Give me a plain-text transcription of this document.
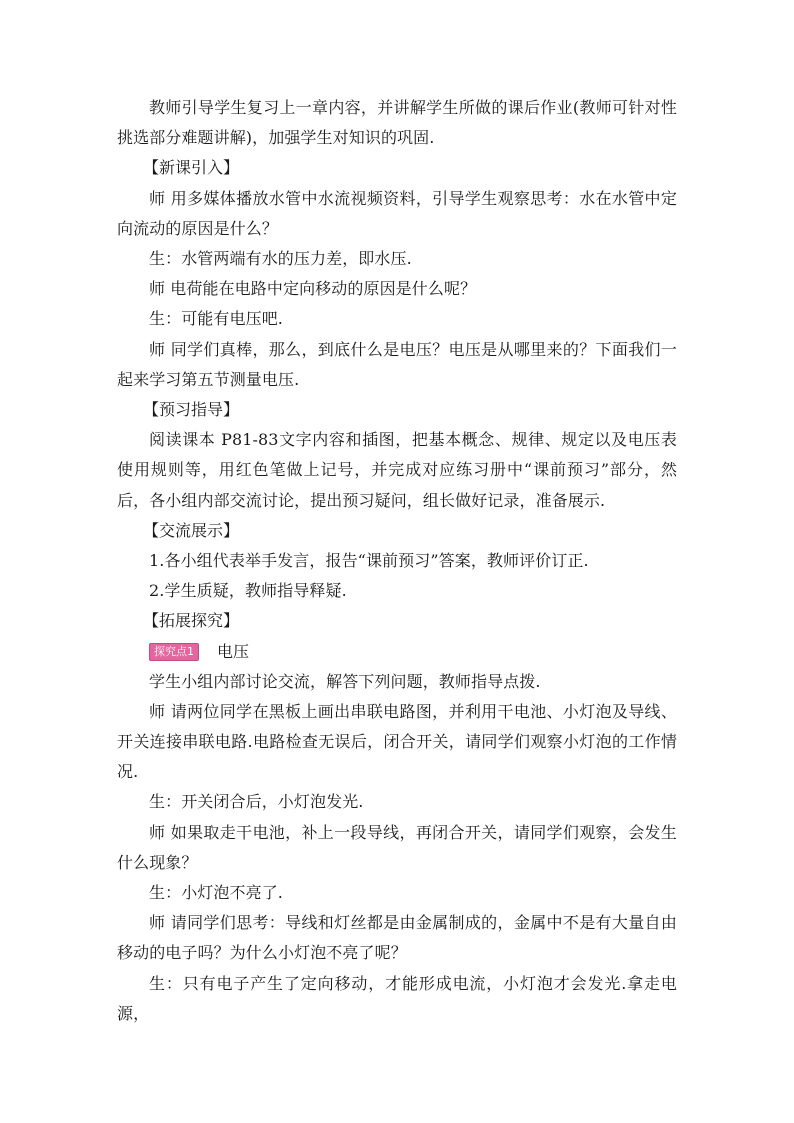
教师引导学生复习上一章内容，并讲解学生所做的课后作业(教师可针对性挑选部分难题讲解)，加强学生对知识的巩固.

【新课引入】

师 用多媒体播放水管中水流视频资料，引导学生观察思考：水在水管中定向流动的原因是什么？

生：水管两端有水的压力差，即水压.

师 电荷能在电路中定向移动的原因是什么呢？

生：可能有电压吧.

师 同学们真棒，那么，到底什么是电压？电压是从哪里来的？下面我们一起来学习第五节测量电压.

【预习指导】

阅读课本 P81-83文字内容和插图，把基本概念、规律、规定以及电压表使用规则等，用红色笔做上记号，并完成对应练习册中“课前预习”部分，然后，各小组内部交流讨论，提出预习疑问，组长做好记录，准备展示.

【交流展示】

1.各小组代表举手发言，报告“课前预习”答案，教师评价订正.

2.学生质疑，教师指导释疑.

【拓展探究】

探究点1	电压

学生小组内部讨论交流，解答下列问题，教师指导点拨.

师 请两位同学在黑板上画出串联电路图，并利用干电池、小灯泡及导线、开关连接串联电路.电路检查无误后，闭合开关，请同学们观察小灯泡的工作情况.

生：开关闭合后，小灯泡发光.

师 如果取走干电池，补上一段导线，再闭合开关，请同学们观察，会发生什么现象？

生：小灯泡不亮了.

师 请同学们思考：导线和灯丝都是由金属制成的，金属中不是有大量自由移动的电子吗？为什么小灯泡不亮了呢？

生：只有电子产生了定向移动，才能形成电流，小灯泡才会发光.拿走电源，
